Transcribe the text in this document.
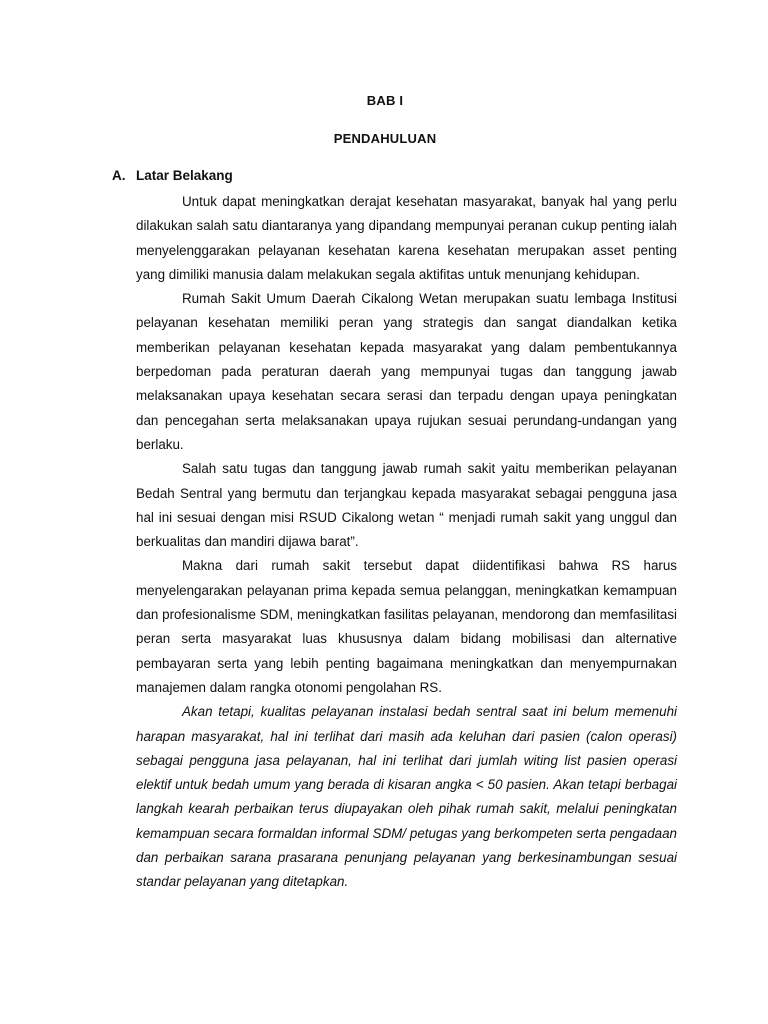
BAB I
PENDAHULUAN
A. Latar Belakang

Untuk dapat meningkatkan derajat kesehatan masyarakat, banyak hal yang perlu dilakukan salah satu diantaranya yang dipandang mempunyai peranan cukup penting ialah menyelenggarakan pelayanan kesehatan karena kesehatan merupakan asset penting yang dimiliki manusia dalam melakukan segala aktifitas untuk menunjang kehidupan.

Rumah Sakit Umum Daerah Cikalong Wetan merupakan suatu lembaga Institusi pelayanan kesehatan memiliki peran yang strategis dan sangat diandalkan ketika memberikan pelayanan kesehatan kepada masyarakat yang dalam pembentukannya berpedoman pada peraturan daerah yang mempunyai tugas dan tanggung jawab melaksanakan upaya kesehatan secara serasi dan terpadu dengan upaya peningkatan dan pencegahan serta melaksanakan upaya rujukan sesuai perundang-undangan yang berlaku.

Salah satu tugas dan tanggung jawab rumah sakit yaitu memberikan pelayanan Bedah Sentral yang bermutu dan terjangkau kepada masyarakat sebagai pengguna jasa hal ini sesuai dengan misi RSUD Cikalong wetan “ menjadi rumah sakit yang unggul dan berkualitas dan mandiri dijawa barat”.

Makna dari rumah sakit tersebut dapat diidentifikasi bahwa RS harus menyelengarakan pelayanan prima kepada semua pelanggan, meningkatkan kemampuan dan profesionalisme SDM, meningkatkan fasilitas pelayanan, mendorong dan memfasilitasi peran serta masyarakat luas khususnya dalam bidang mobilisasi dan alternative pembayaran serta yang lebih penting bagaimana meningkatkan dan menyempurnakan manajemen dalam rangka otonomi pengolahan RS.

Akan tetapi, kualitas pelayanan instalasi bedah sentral saat ini belum memenuhi harapan masyarakat, hal ini terlihat dari masih ada keluhan dari pasien (calon operasi) sebagai pengguna jasa pelayanan, hal ini terlihat dari jumlah witing list pasien operasi elektif untuk bedah umum yang berada di kisaran angka < 50 pasien. Akan tetapi berbagai langkah kearah perbaikan terus diupayakan oleh pihak rumah sakit, melalui peningkatan kemampuan secara formaldan informal SDM/ petugas yang berkompeten serta pengadaan dan perbaikan sarana prasarana penunjang pelayanan yang berkesinambungan sesuai standar pelayanan yang ditetapkan.
